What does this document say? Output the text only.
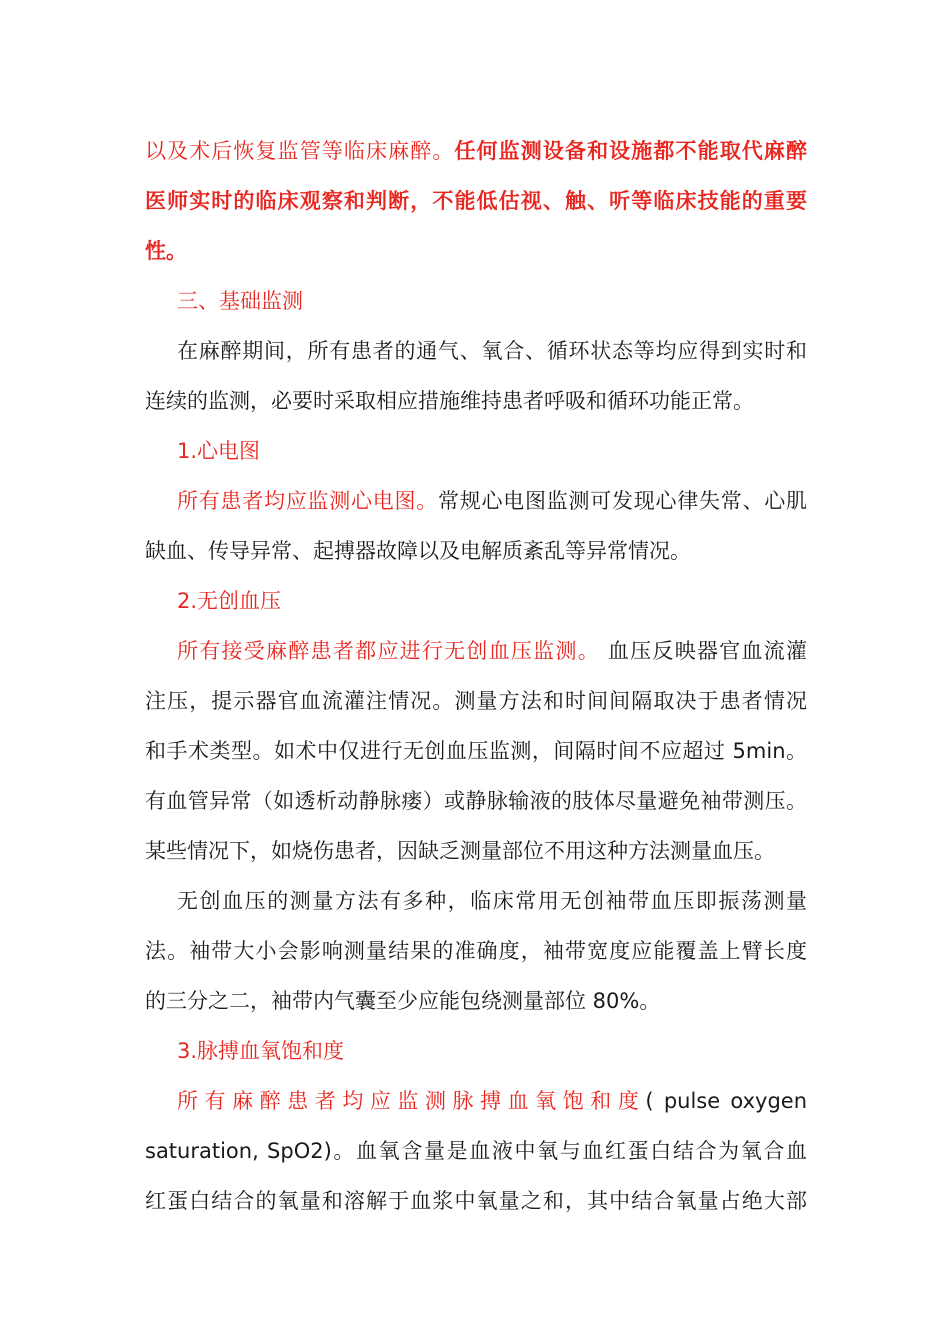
以及术后恢复监管等临床麻醉。任何监测设备和设施都不能取代麻醉
医师实时的临床观察和判断，不能低估视、触、听等临床技能的重要
性。
三、基础监测
在麻醉期间，所有患者的通气、氧合、循环状态等均应得到实时和
连续的监测，必要时采取相应措施维持患者呼吸和循环功能正常。
1.心电图
所有患者均应监测心电图。常规心电图监测可发现心律失常、心肌
缺血、传导异常、起搏器故障以及电解质紊乱等异常情况。
2.无创血压
所有接受麻醉患者都应进行无创血压监测。 血压反映器官血流灌
注压，提示器官血流灌注情况。测量方法和时间间隔取决于患者情况
和手术类型。如术中仅进行无创血压监测，间隔时间不应超过 5min。
有血管异常（如透析动静脉瘘）或静脉输液的肢体尽量避免袖带测压。
某些情况下，如烧伤患者，因缺乏测量部位不用这种方法测量血压。
无创血压的测量方法有多种，临床常用无创袖带血压即振荡测量
法。袖带大小会影响测量结果的准确度，袖带宽度应能覆盖上臂长度
的三分之二，袖带内气囊至少应能包绕测量部位 80%。
3.脉搏血氧饱和度
所有麻醉患者均应监测脉搏血氧饱和度( pulse oxygen
saturation, SpO2)。血氧含量是血液中氧与血红蛋白结合为氧合血
红蛋白结合的氧量和溶解于血浆中氧量之和，其中结合氧量占绝大部
